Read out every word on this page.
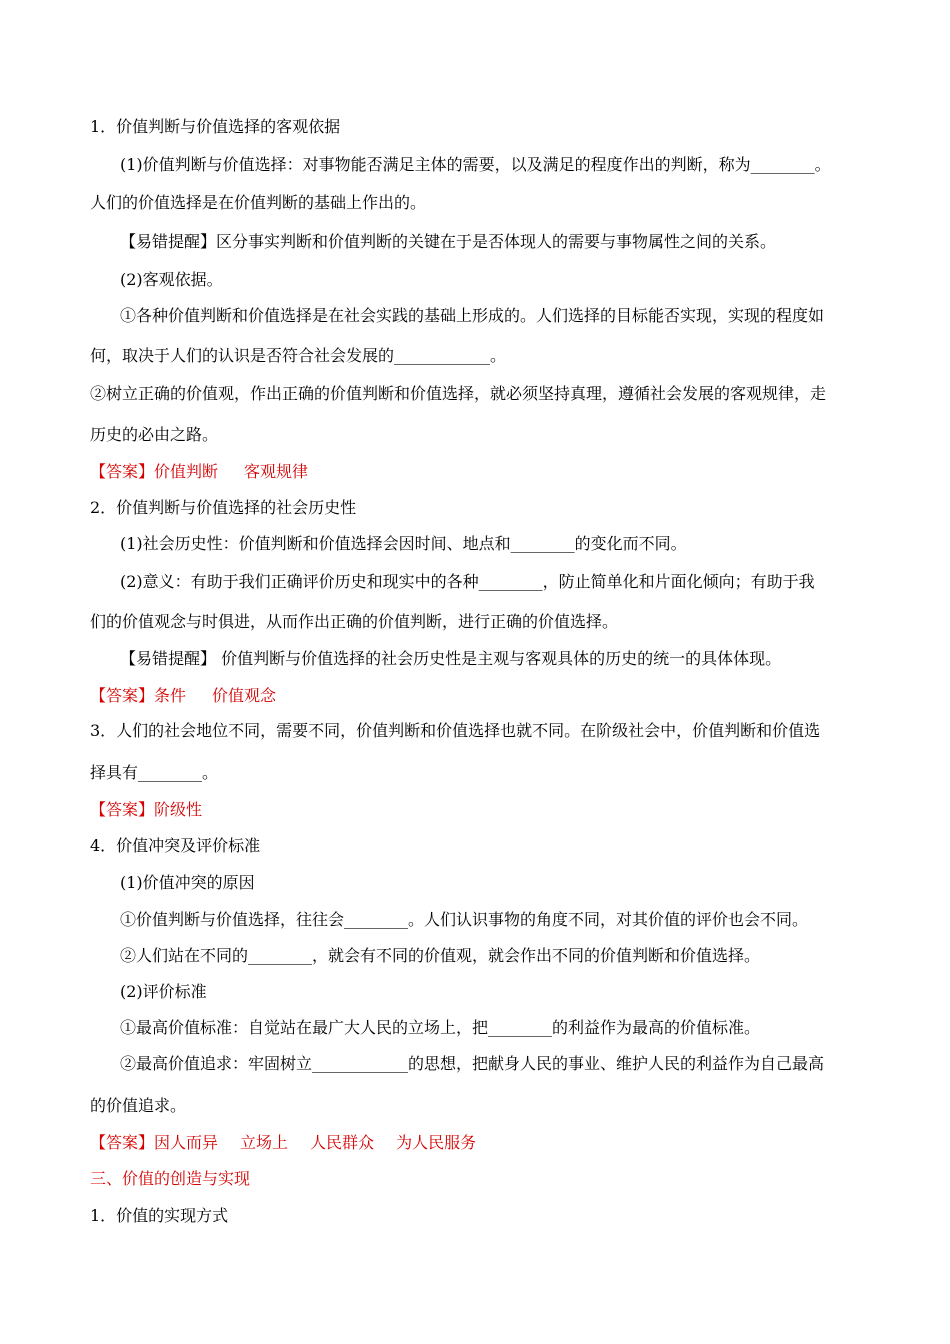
1．价值判断与价值选择的客观依据
(1)价值判断与价值选择：对事物能否满足主体的需要，以及满足的程度作出的判断，称为________。
人们的价值选择是在价值判断的基础上作出的。
【易错提醒】区分事实判断和价值判断的关键在于是否体现人的需要与事物属性之间的关系。
(2)客观依据。
①各种价值判断和价值选择是在社会实践的基础上形成的。人们选择的目标能否实现，实现的程度如
何，取决于人们的认识是否符合社会发展的____________。
②树立正确的价值观，作出正确的价值判断和价值选择，就必须坚持真理，遵循社会发展的客观规律，走
历史的必由之路。
【答案】价值判断 客观规律
2．价值判断与价值选择的社会历史性
(1)社会历史性：价值判断和价值选择会因时间、地点和________的变化而不同。
(2)意义：有助于我们正确评价历史和现实中的各种________，防止简单化和片面化倾向；有助于我
们的价值观念与时俱进，从而作出正确的价值判断，进行正确的价值选择。
【易错提醒】 价值判断与价值选择的社会历史性是主观与客观具体的历史的统一的具体体现。
【答案】条件 价值观念
3．人们的社会地位不同，需要不同，价值判断和价值选择也就不同。在阶级社会中，价值判断和价值选
择具有________。
【答案】阶级性
4．价值冲突及评价标准
(1)价值冲突的原因
①价值判断与价值选择，往往会________。人们认识事物的角度不同，对其价值的评价也会不同。
②人们站在不同的________，就会有不同的价值观，就会作出不同的价值判断和价值选择。
(2)评价标准
①最高价值标准：自觉站在最广大人民的立场上，把________的利益作为最高的价值标准。
②最高价值追求：牢固树立____________的思想，把献身人民的事业、维护人民的利益作为自己最高
的价值追求。
【答案】因人而异 立场上 人民群众 为人民服务
三、价值的创造与实现
1．价值的实现方式
